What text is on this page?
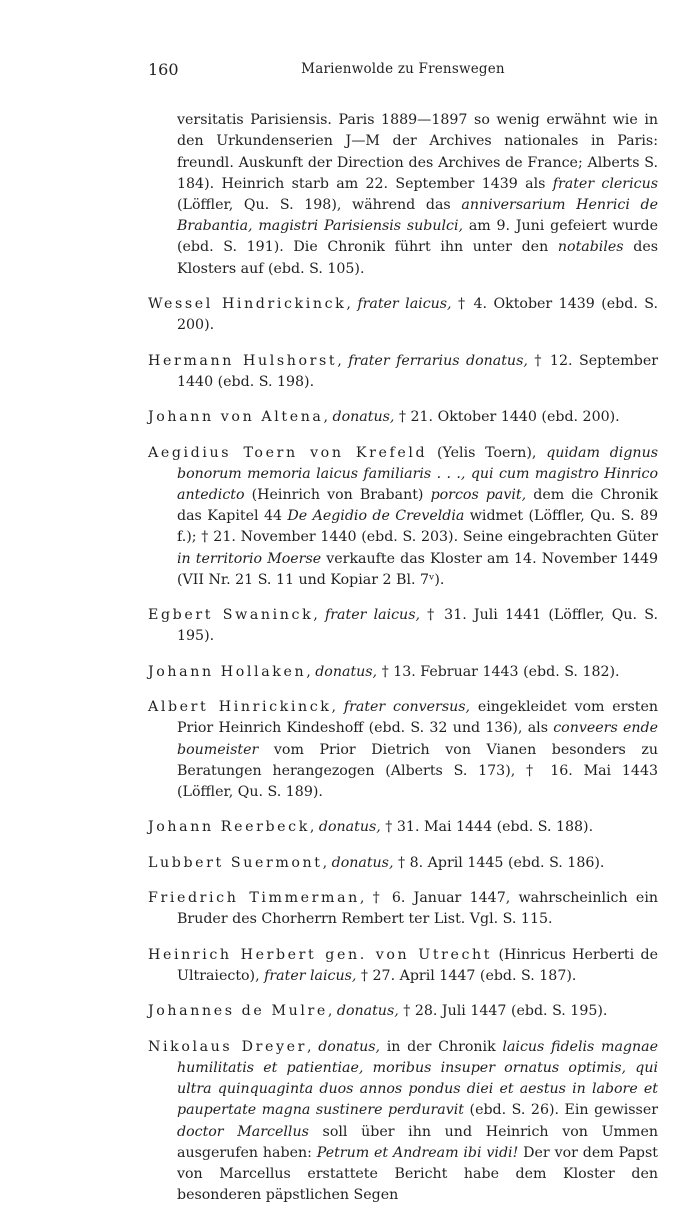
160	Marienwolde zu Frenswegen

versitatis Parisiensis. Paris 1889—1897 so wenig erwähnt wie in den Urkundenserien J—M der Archives nationales in Paris: freundl. Auskunft der Direction des Archives de France; Alberts S. 184). Heinrich starb am 22. September 1439 als frater clericus (Löffler, Qu. S. 198), während das anniversarium Henrici de Brabantia, magistri Parisiensis subulci, am 9. Juni gefeiert wurde (ebd. S. 191). Die Chronik führt ihn unter den notabiles des Klosters auf (ebd. S. 105).

Wessel Hindrickinck, frater laicus, † 4. Oktober 1439 (ebd. S. 200).

Hermann Hulshorst, frater ferrarius donatus, † 12. September 1440 (ebd. S. 198).

Johann von Altena, donatus, † 21. Oktober 1440 (ebd. 200).

Aegidius Toern von Krefeld (Yelis Toern), quidam dignus bonorum memoria laicus familiaris . . ., qui cum magistro Hinrico antedicto (Heinrich von Brabant) porcos pavit, dem die Chronik das Kapitel 44 De Aegidio de Creveldia widmet (Löffler, Qu. S. 89 f.); † 21. November 1440 (ebd. S. 203). Seine eingebrachten Güter in territorio Moerse verkaufte das Kloster am 14. November 1449 (VII Nr. 21 S. 11 und Kopiar 2 Bl. 7ᵛ).

Egbert Swaninck, frater laicus, † 31. Juli 1441 (Löffler, Qu. S. 195).

Johann Hollaken, donatus, † 13. Februar 1443 (ebd. S. 182).

Albert Hinrickinck, frater conversus, eingekleidet vom ersten Prior Heinrich Kindeshoff (ebd. S. 32 und 136), als conveers ende boumeister vom Prior Dietrich von Vianen besonders zu Beratungen herangezogen (Alberts S. 173), † 16. Mai 1443 (Löffler, Qu. S. 189).

Johann Reerbeck, donatus, † 31. Mai 1444 (ebd. S. 188).

Lubbert Suermont, donatus, † 8. April 1445 (ebd. S. 186).

Friedrich Timmerman, † 6. Januar 1447, wahrscheinlich ein Bruder des Chorherrn Rembert ter List. Vgl. S. 115.

Heinrich Herbert gen. von Utrecht (Hinricus Herberti de Ultraiecto), frater laicus, † 27. April 1447 (ebd. S. 187).

Johannes de Mulre, donatus, † 28. Juli 1447 (ebd. S. 195).

Nikolaus Dreyer, donatus, in der Chronik laicus fidelis magnae humilitatis et patientiae, moribus insuper ornatus optimis, qui ultra quinquaginta duos annos pondus diei et aestus in labore et paupertate magna sustinere perduravit (ebd. S. 26). Ein gewisser doctor Marcellus soll über ihn und Heinrich von Ummen ausgerufen haben: Petrum et Andream ibi vidi! Der vor dem Papst von Marcellus erstattete Bericht habe dem Kloster den besonderen päpstlichen Segen
